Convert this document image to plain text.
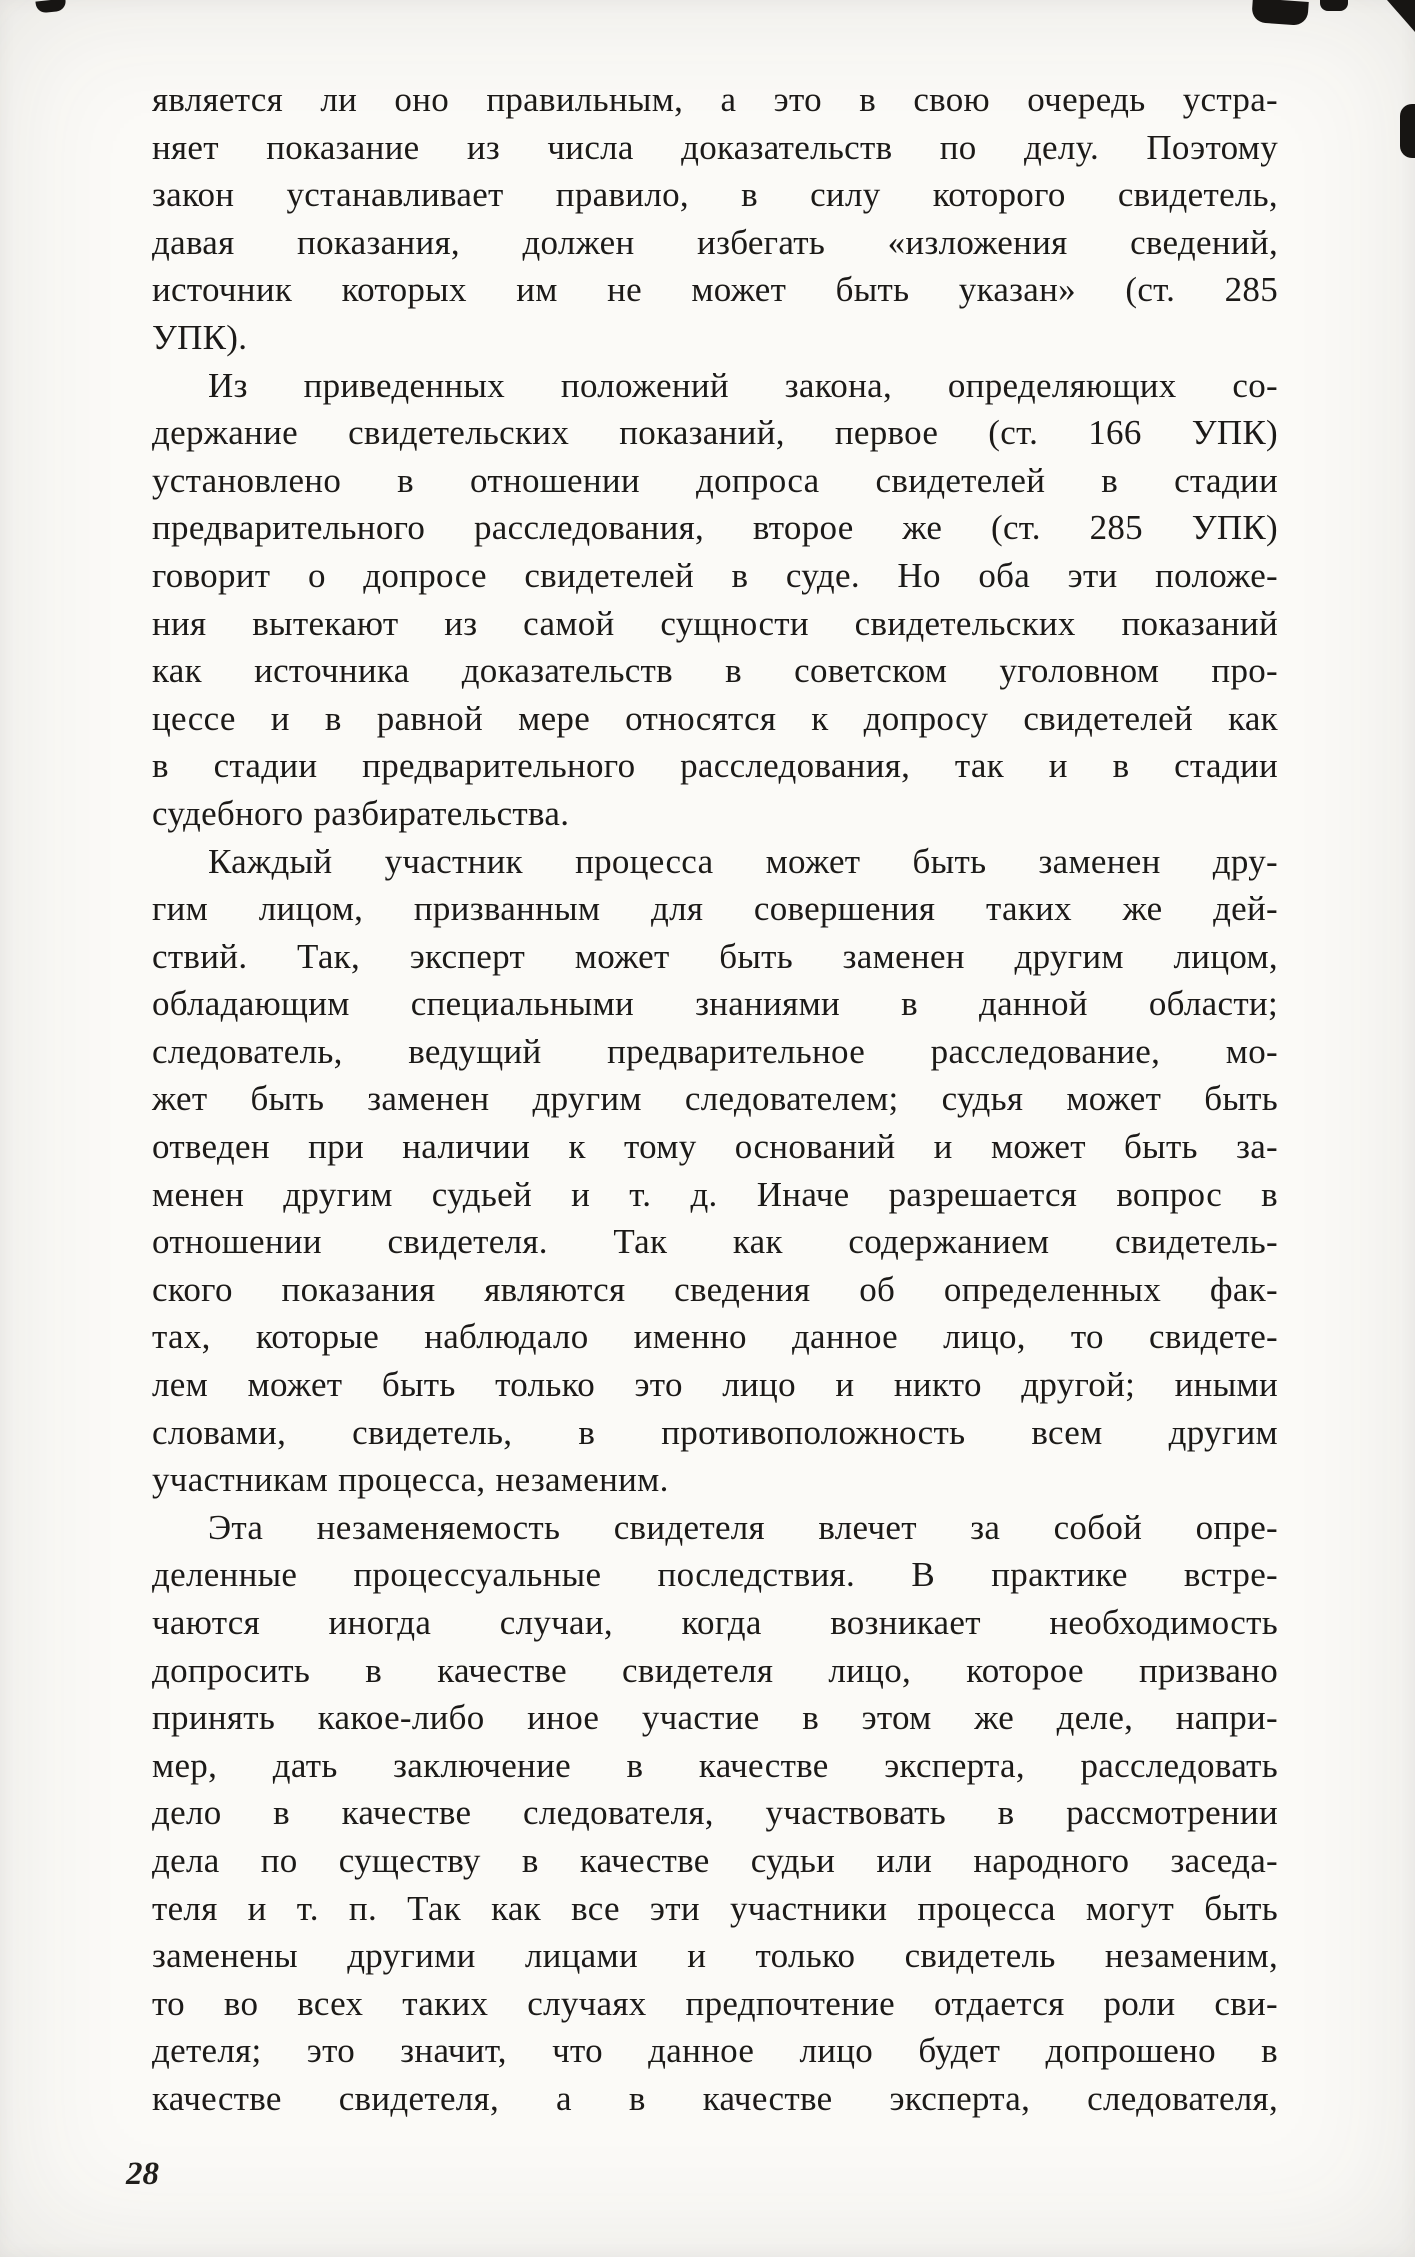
является ли оно правильным, а это в свою очередь устра-
няет показание из числа доказательств по делу. Поэтому
закон устанавливает правило, в силу которого свидетель,
давая показания, должен избегать «изложения сведений,
источник которых им не может быть указан» (ст. 285
УПК).
Из приведенных положений закона, определяющих со-
держание свидетельских показаний, первое (ст. 166 УПК)
установлено в отношении допроса свидетелей в стадии
предварительного расследования, второе же (ст. 285 УПК)
говорит о допросе свидетелей в суде. Но оба эти положе-
ния вытекают из самой сущности свидетельских показаний
как источника доказательств в советском уголовном про-
цессе и в равной мере относятся к допросу свидетелей как
в стадии предварительного расследования, так и в стадии
судебного разбирательства.
Каждый участник процесса может быть заменен дру-
гим лицом, призванным для совершения таких же дей-
ствий. Так, эксперт может быть заменен другим лицом,
обладающим специальными знаниями в данной области;
следователь, ведущий предварительное расследование, мо-
жет быть заменен другим следователем; судья может быть
отведен при наличии к тому оснований и может быть за-
менен другим судьей и т. д. Иначе разрешается вопрос в
отношении свидетеля. Так как содержанием свидетель-
ского показания являются сведения об определенных фак-
тах, которые наблюдало именно данное лицо, то свидете-
лем может быть только это лицо и никто другой; иными
словами, свидетель, в противоположность всем другим
участникам процесса, незаменим.
Эта незаменяемость свидетеля влечет за собой опре-
деленные процессуальные последствия. В практике встре-
чаются иногда случаи, когда возникает необходимость
допросить в качестве свидетеля лицо, которое призвано
принять какое-либо иное участие в этом же деле, напри-
мер, дать заключение в качестве эксперта, расследовать
дело в качестве следователя, участвовать в рассмотрении
дела по существу в качестве судьи или народного заседа-
теля и т. п. Так как все эти участники процесса могут быть
заменены другими лицами и только свидетель незаменим,
то во всех таких случаях предпочтение отдается роли сви-
детеля; это значит, что данное лицо будет допрошено в
качестве свидетеля, а в качестве эксперта, следователя,
28
